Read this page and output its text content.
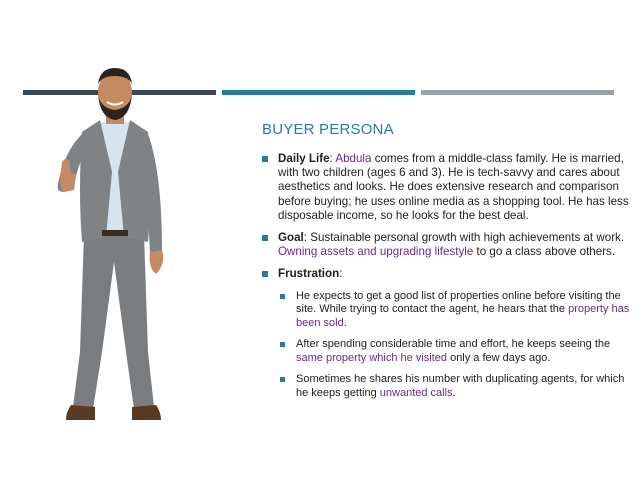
BUYER PERSONA
Daily Life: Abdula comes from a middle-class family. He is married, with two children (ages 6 and 3). He is tech-savvy and cares about aesthetics and looks. He does extensive research and comparison before buying; he uses online media as a shopping tool. He has less disposable income, so he looks for the best deal.
Goal: Sustainable personal growth with high achievements at work. Owning assets and upgrading lifestyle to go a class above others.
Frustration:
He expects to get a good list of properties online before visiting the site. While trying to contact the agent, he hears that the property has been sold.
After spending considerable time and effort, he keeps seeing the same property which he visited only a few days ago.
Sometimes he shares his number with duplicating agents, for which he keeps getting unwanted calls.
